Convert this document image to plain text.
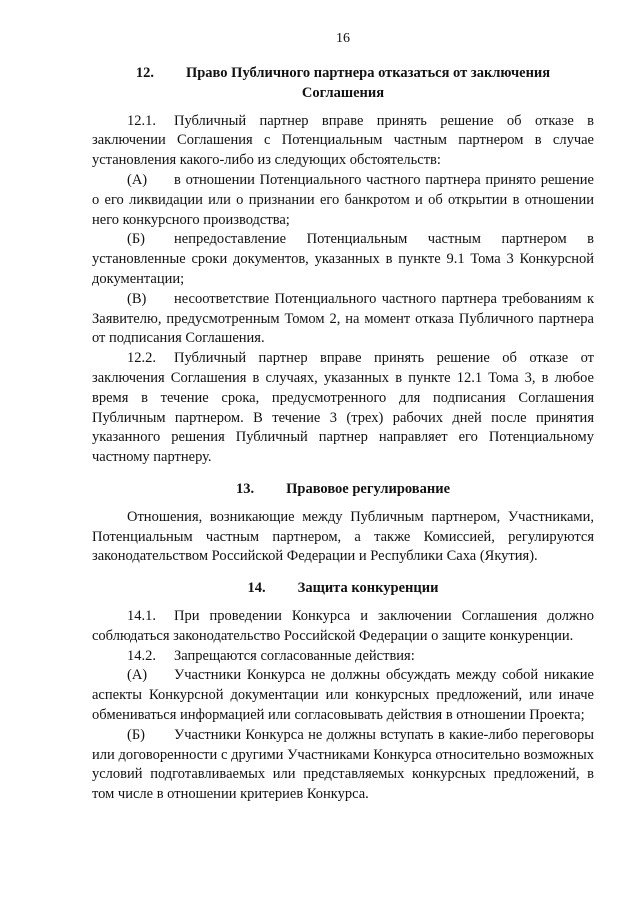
16
12. Право Публичного партнера отказаться от заключения
Соглашения

12.1. Публичный партнер вправе принять решение об отказе в заключении Соглашения с Потенциальным частным партнером в случае установления какого-либо из следующих обстоятельств:

(А) в отношении Потенциального частного партнера принято решение о его ликвидации или о признании его банкротом и об открытии в отношении него конкурсного производства;

(Б) непредоставление Потенциальным частным партнером в установленные сроки документов, указанных в пункте 9.1 Тома 3 Конкурсной документации;

(В) несоответствие Потенциального частного партнера требованиям к Заявителю, предусмотренным Томом 2, на момент отказа Публичного партнера от подписания Соглашения.

12.2. Публичный партнер вправе принять решение об отказе от заключения Соглашения в случаях, указанных в пункте 12.1 Тома 3, в любое время в течение срока, предусмотренного для подписания Соглашения Публичным партнером. В течение 3 (трех) рабочих дней после принятия указанного решения Публичный партнер направляет его Потенциальному частному партнеру.

13. Правовое регулирование

Отношения, возникающие между Публичным партнером, Участниками, Потенциальным частным партнером, а также Комиссией, регулируются законодательством Российской Федерации и Республики Саха (Якутия).

14. Защита конкуренции

14.1. При проведении Конкурса и заключении Соглашения должно соблюдаться законодательство Российской Федерации о защите конкуренции.

14.2. Запрещаются согласованные действия:

(А) Участники Конкурса не должны обсуждать между собой никакие аспекты Конкурсной документации или конкурсных предложений, или иначе обмениваться информацией или согласовывать действия в отношении Проекта;

(Б) Участники Конкурса не должны вступать в какие-либо переговоры или договоренности с другими Участниками Конкурса относительно возможных условий подготавливаемых или представляемых конкурсных предложений, в том числе в отношении критериев Конкурса.
